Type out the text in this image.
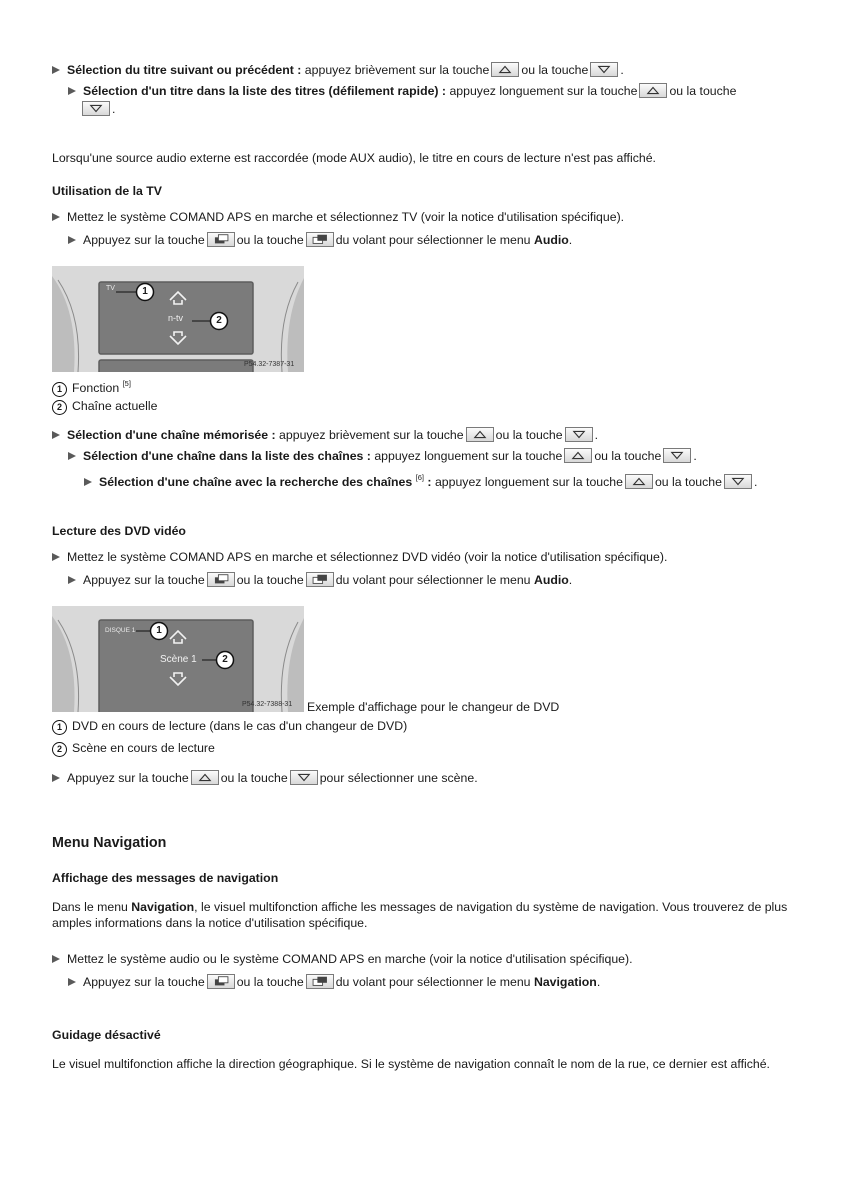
Sélection du titre suivant ou précédent : appuyez brièvement sur la touche	ou la touche	.
Sélection d'un titre dans la liste des titres (défilement rapide) : appuyez longuement sur la touche	ou la touche
.
Lorsqu'une source audio externe est raccordée (mode AUX audio), le titre en cours de lecture n'est pas affiché.
Utilisation de la TV
Mettez le système COMAND APS en marche et sélectionnez TV (voir la notice d'utilisation spécifique).
Appuyez sur la touche	ou la touche	du volant pour sélectionner le menu Audio.
TV
n-tv
1
2
P54.32-7387-31
1 Fonction [5]
2 Chaîne actuelle
Sélection d'une chaîne mémorisée : appuyez brièvement sur la touche	ou la touche	.
Sélection d'une chaîne dans la liste des chaînes : appuyez longuement sur la touche	ou la touche	.
Sélection d'une chaîne avec la recherche des chaînes [6] : appuyez longuement sur la touche	ou la touche	.
Lecture des DVD vidéo
Mettez le système COMAND APS en marche et sélectionnez DVD vidéo (voir la notice d'utilisation spécifique).
Appuyez sur la touche	ou la touche	du volant pour sélectionner le menu Audio.
DISQUE 1
Scène 1
1
2
P54.32-7388-31 Exemple d'affichage pour le changeur de DVD
1 DVD en cours de lecture (dans le cas d'un changeur de DVD)
2 Scène en cours de lecture
Appuyez sur la touche	ou la touche	pour sélectionner une scène.
Menu Navigation
Affichage des messages de navigation
Dans le menu Navigation, le visuel multifonction affiche les messages de navigation du système de navigation. Vous trouverez de plus amples informations dans la notice d'utilisation spécifique.
Mettez le système audio ou le système COMAND APS en marche (voir la notice d'utilisation spécifique).
Appuyez sur la touche	ou la touche	du volant pour sélectionner le menu Navigation.
Guidage désactivé
Le visuel multifonction affiche la direction géographique. Si le système de navigation connaît le nom de la rue, ce dernier est affiché.
